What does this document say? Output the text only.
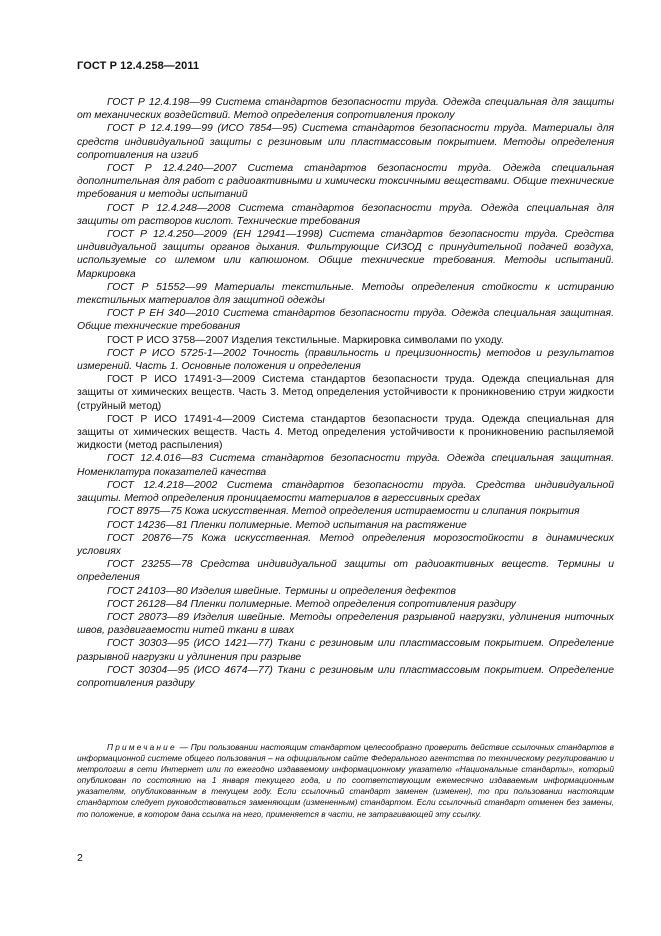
ГОСТ Р 12.4.258—2011

ГОСТ Р 12.4.198—99 Система стандартов безопасности труда. Одежда специальная для защиты от механических воздействий. Метод определения сопротивления проколу

ГОСТ Р 12.4.199—99 (ИСО 7854—95) Система стандартов безопасности труда. Материалы для средств индивидуальной защиты с резиновым или пластмассовым покрытием. Методы определения сопротивления на изгиб

ГОСТ Р 12.4.240—2007 Система стандартов безопасности труда. Одежда специальная дополнительная для работ с радиоактивными и химически токсичными веществами. Общие технические требования и методы испытаний

ГОСТ Р 12.4.248—2008 Система стандартов безопасности труда. Одежда специальная для защиты от растворов кислот. Технические требования

ГОСТ Р 12.4.250—2009 (ЕН 12941—1998) Система стандартов безопасности труда. Средства индивидуальной защиты органов дыхания. Фильтрующие СИЗОД с принудительной подачей воздуха, используемые со шлемом или капюшоном. Общие технические требования. Методы испытаний. Маркировка

ГОСТ Р 51552—99 Материалы текстильные. Методы определения стойкости к истиранию текстильных материалов для защитной одежды

ГОСТ Р ЕН 340—2010 Система стандартов безопасности труда. Одежда специальная защитная. Общие технические требования

ГОСТ Р ИСО 3758—2007 Изделия текстильные. Маркировка символами по уходу.

ГОСТ Р ИСО 5725-1—2002 Точность (правильность и прецизионность) методов и результатов измерений. Часть 1. Основные положения и определения

ГОСТ Р ИСО 17491-3—2009 Система стандартов безопасности труда. Одежда специальная для защиты от химических веществ. Часть 3. Метод определения устойчивости к проникновению струи жидкости (струйный метод)

ГОСТ Р ИСО 17491-4—2009 Система стандартов безопасности труда. Одежда специальная для защиты от химических веществ. Часть 4. Метод определения устойчивости к проникновению распыляемой жидкости (метод распыления)

ГОСТ 12.4.016—83 Система стандартов безопасности труда. Одежда специальная защитная. Номенклатура показателей качества

ГОСТ 12.4.218—2002 Система стандартов безопасности труда. Средства индивидуальной защиты. Метод определения проницаемости материалов в агрессивных средах

ГОСТ 8975—75 Кожа искусственная. Метод определения истираемости и слипания покрытия

ГОСТ 14236—81 Пленки полимерные. Метод испытания на растяжение

ГОСТ 20876—75 Кожа искусственная. Метод определения морозостойкости в динамических условиях

ГОСТ 23255—78 Средства индивидуальной защиты от радиоактивных веществ. Термины и определения

ГОСТ 24103—80 Изделия швейные. Термины и определения дефектов

ГОСТ 26128—84 Пленки полимерные. Метод определения сопротивления раздиру

ГОСТ 28073—89 Изделия швейные. Методы определения разрывной нагрузки, удлинения ниточных швов, раздвигаемости нитей ткани в швах

ГОСТ 30303—95 (ИСО 1421—77) Ткани с резиновым или пластмассовым покрытием. Определение разрывной нагрузки и удлинения при разрыве

ГОСТ 30304—95 (ИСО 4674—77) Ткани с резиновым или пластмассовым покрытием. Определение сопротивления раздиру

Примечание — При пользовании настоящим стандартом целесообразно проверить действие ссылочных стандартов в информационной системе общего пользования – на официальном сайте Федерального агентства по техническому регулированию и метрологии в сети Интернет или по ежегодно издаваемому информационному указателю «Национальные стандарты», который опубликован по состоянию на 1 января текущего года, и по соответствующим ежемесячно издаваемым информационным указателям, опубликованным в текущем году. Если ссылочный стандарт заменен (изменен), то при пользовании настоящим стандартом следует руководствоваться заменяющим (измененным) стандартом. Если ссылочный стандарт отменен без замены, то положение, в котором дана ссылка на него, применяется в части, не затрагивающей эту ссылку.

2
